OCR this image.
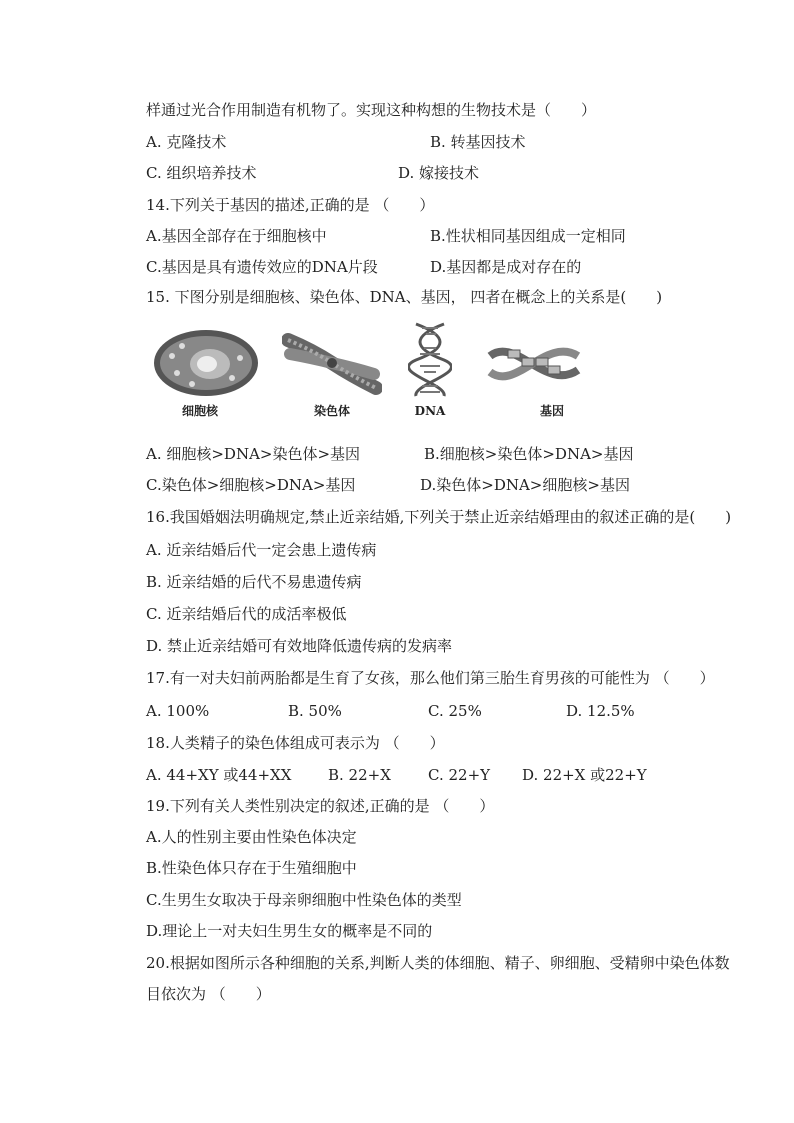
样通过光合作用制造有机物了。实现这种构想的生物技术是（　　）
A. 克隆技术	B. 转基因技术
C. 组织培养技术	D. 嫁接技术
14.下列关于基因的描述,正确的是 （　　）
A.基因全部存在于细胞核中	B.性状相同基因组成一定相同
C.基因是具有遗传效应的DNA片段	D.基因都是成对存在的
15. 下图分别是细胞核、染色体、DNA、基因， 四者在概念上的关系是(　　)
细胞核	染色体	DNA	基因
A. 细胞核>DNA>染色体>基因	B.细胞核>染色体>DNA>基因
C.染色体>细胞核>DNA>基因	D.染色体>DNA>细胞核>基因
16.我国婚姻法明确规定,禁止近亲结婚,下列关于禁止近亲结婚理由的叙述正确的是(　　)
A. 近亲结婚后代一定会患上遗传病
B. 近亲结婚的后代不易患遗传病
C. 近亲结婚后代的成活率极低
D. 禁止近亲结婚可有效地降低遗传病的发病率
17.有一对夫妇前两胎都是生育了女孩，那么他们第三胎生育男孩的可能性为 （　　）
A. 100%	B. 50%	C. 25%	D. 12.5%
18.人类精子的染色体组成可表示为 （　　）
A. 44+XY 或44+XX B. 22+X C. 22+Y D. 22+X 或22+Y
19.下列有关人类性别决定的叙述,正确的是 （　　）
A.人的性别主要由性染色体决定
B.性染色体只存在于生殖细胞中
C.生男生女取决于母亲卵细胞中性染色体的类型
D.理论上一对夫妇生男生女的概率是不同的
20.根据如图所示各种细胞的关系,判断人类的体细胞、精子、卵细胞、受精卵中染色体数
目依次为 （　　）
